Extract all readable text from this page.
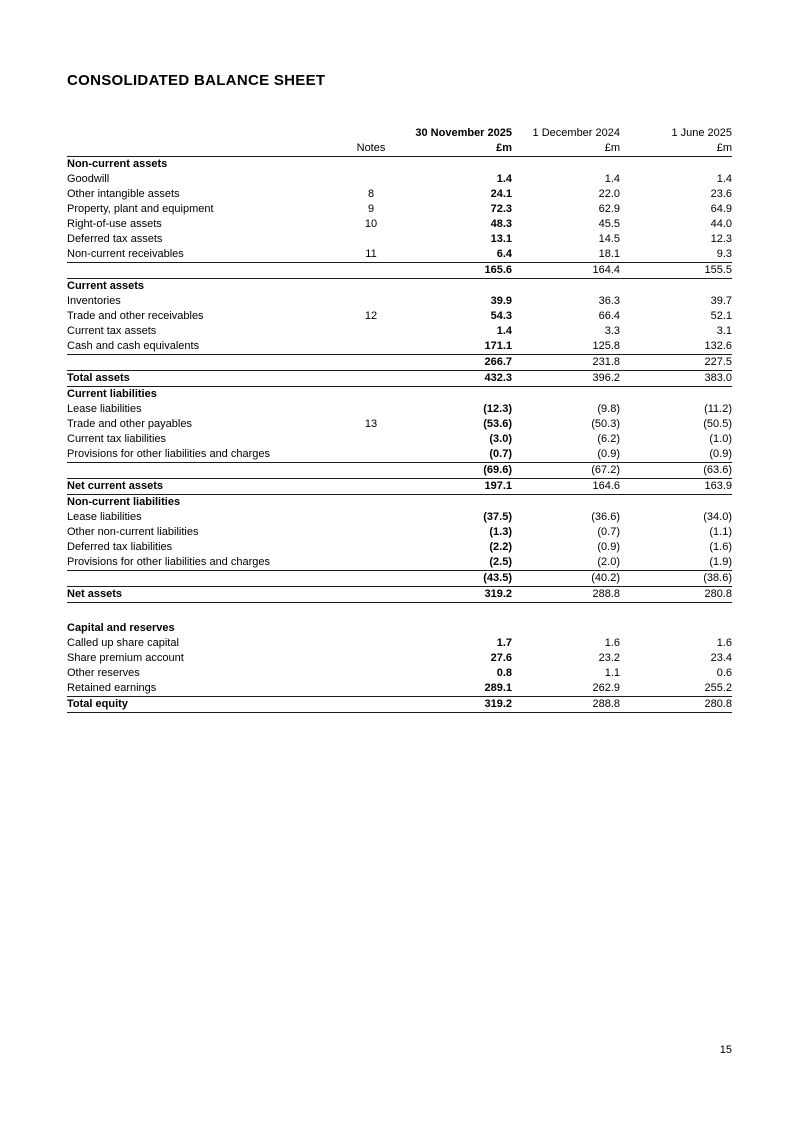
CONSOLIDATED BALANCE SHEET
		30 November 2025	1 December 2024	1 June 2025
	Notes	£m	£m	£m
Non-current assets				
Goodwill		1.4	1.4	1.4
Other intangible assets	8	24.1	22.0	23.6
Property, plant and equipment	9	72.3	62.9	64.9
Right-of-use assets	10	48.3	45.5	44.0
Deferred tax assets		13.1	14.5	12.3
Non-current receivables	11	6.4	18.1	9.3
		165.6	164.4	155.5
Current assets				
Inventories		39.9	36.3	39.7
Trade and other receivables	12	54.3	66.4	52.1
Current tax assets		1.4	3.3	3.1
Cash and cash equivalents		171.1	125.8	132.6
		266.7	231.8	227.5
Total assets		432.3	396.2	383.0
Current liabilities				
Lease liabilities		(12.3)	(9.8)	(11.2)
Trade and other payables	13	(53.6)	(50.3)	(50.5)
Current tax liabilities		(3.0)	(6.2)	(1.0)
Provisions for other liabilities and charges		(0.7)	(0.9)	(0.9)
		(69.6)	(67.2)	(63.6)
Net current assets		197.1	164.6	163.9
Non-current liabilities				
Lease liabilities		(37.5)	(36.6)	(34.0)
Other non-current liabilities		(1.3)	(0.7)	(1.1)
Deferred tax liabilities		(2.2)	(0.9)	(1.6)
Provisions for other liabilities and charges		(2.5)	(2.0)	(1.9)
		(43.5)	(40.2)	(38.6)
Net assets		319.2	288.8	280.8

Capital and reserves				
Called up share capital		1.7	1.6	1.6
Share premium account		27.6	23.2	23.4
Other reserves		0.8	1.1	0.6
Retained earnings		289.1	262.9	255.2
Total equity		319.2	288.8	280.8
15
